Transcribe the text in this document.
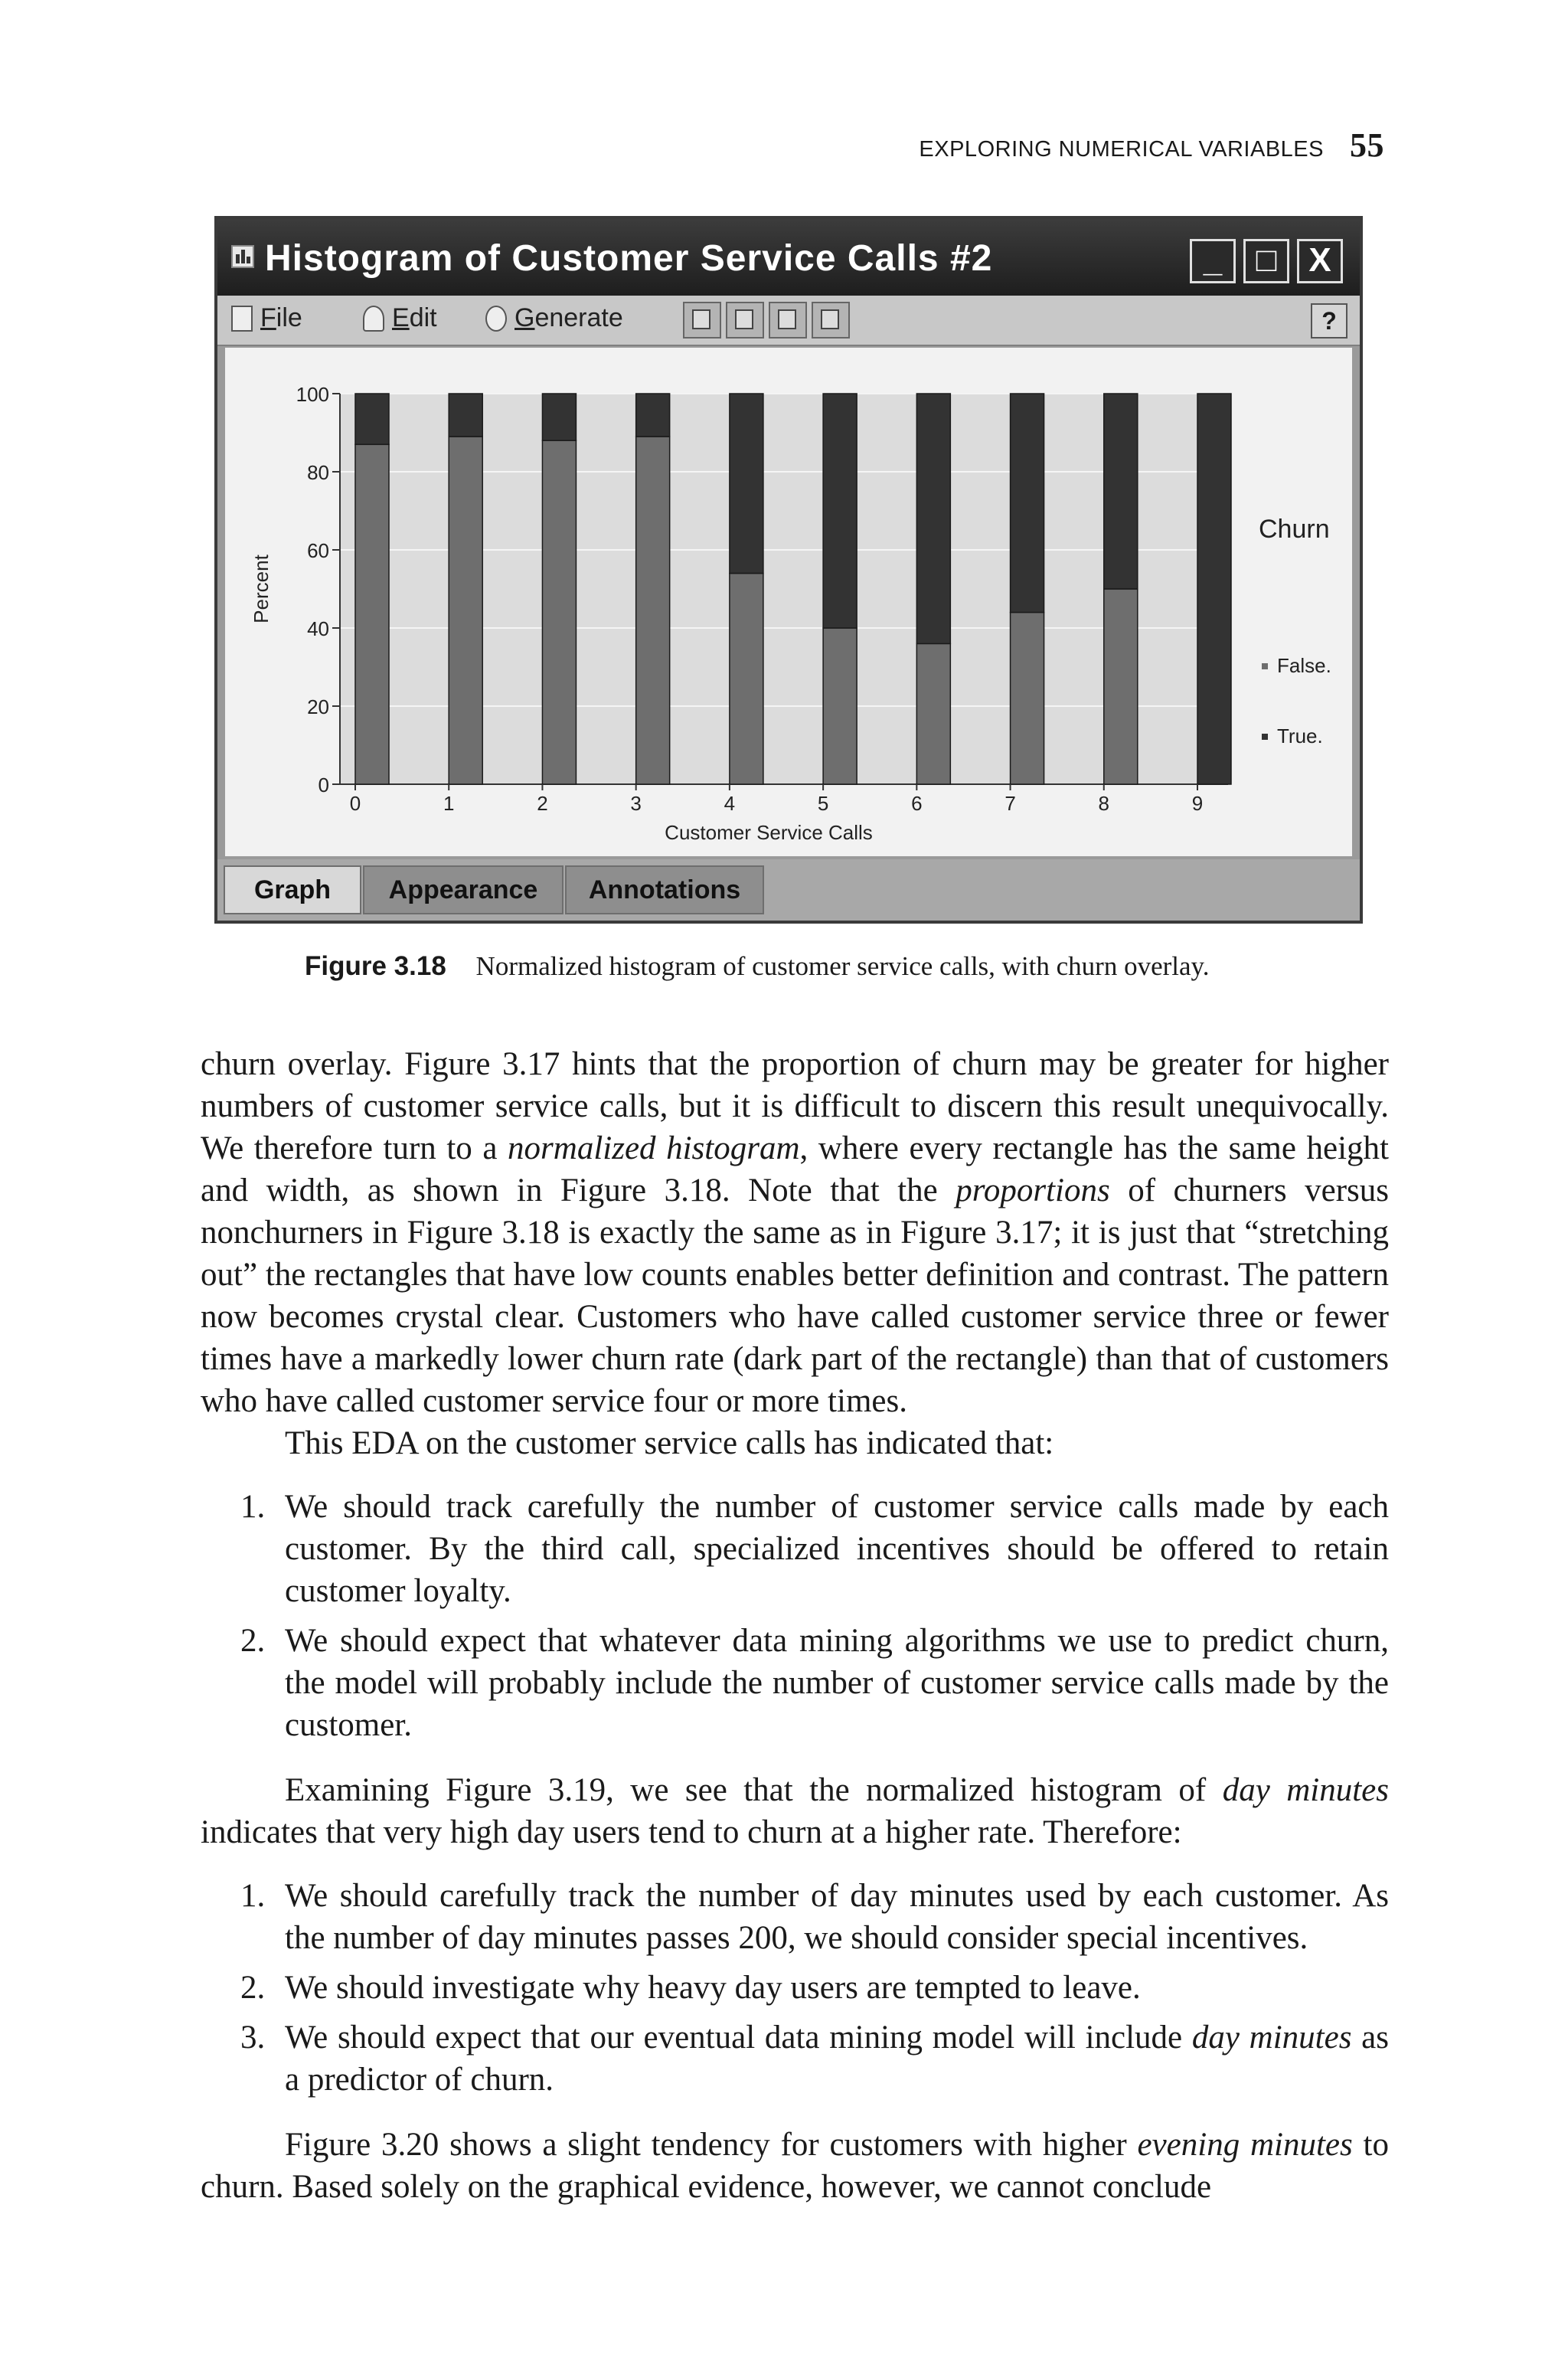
EXPLORING NUMERICAL VARIABLES 55
Histogram of Customer Service Calls #2	_	□ X
File	Edit	Generate	?
0
20
40
60
80
100
0	1	2	3	4	5	6	7	8	9
Customer Service Calls
Percent
Churn
False.
True.
Graph	Appearance	Annotations
Figure 3.18 Normalized histogram of customer service calls, with churn overlay.

churn overlay. Figure 3.17 hints that the proportion of churn may be greater for higher numbers of customer service calls, but it is difficult to discern this result unequivocally. We therefore turn to a normalized histogram, where every rectangle has the same height and width, as shown in Figure 3.18. Note that the proportions of churners versus nonchurners in Figure 3.18 is exactly the same as in Figure 3.17; it is just that “stretching out” the rectangles that have low counts enables better definition and contrast. The pattern now becomes crystal clear. Customers who have called customer service three or fewer times have a markedly lower churn rate (dark part of the rectangle) than that of customers who have called customer service four or more times.

This EDA on the customer service calls has indicated that:

1. We should track carefully the number of customer service calls made by each customer. By the third call, specialized incentives should be offered to retain customer loyalty.
2. We should expect that whatever data mining algorithms we use to predict churn, the model will probably include the number of customer service calls made by the customer.

Examining Figure 3.19, we see that the normalized histogram of day minutes indicates that very high day users tend to churn at a higher rate. Therefore:

1. We should carefully track the number of day minutes used by each customer. As the number of day minutes passes 200, we should consider special incentives.
2. We should investigate why heavy day users are tempted to leave.
3. We should expect that our eventual data mining model will include day minutes as a predictor of churn.

Figure 3.20 shows a slight tendency for customers with higher evening minutes to churn. Based solely on the graphical evidence, however, we cannot conclude
